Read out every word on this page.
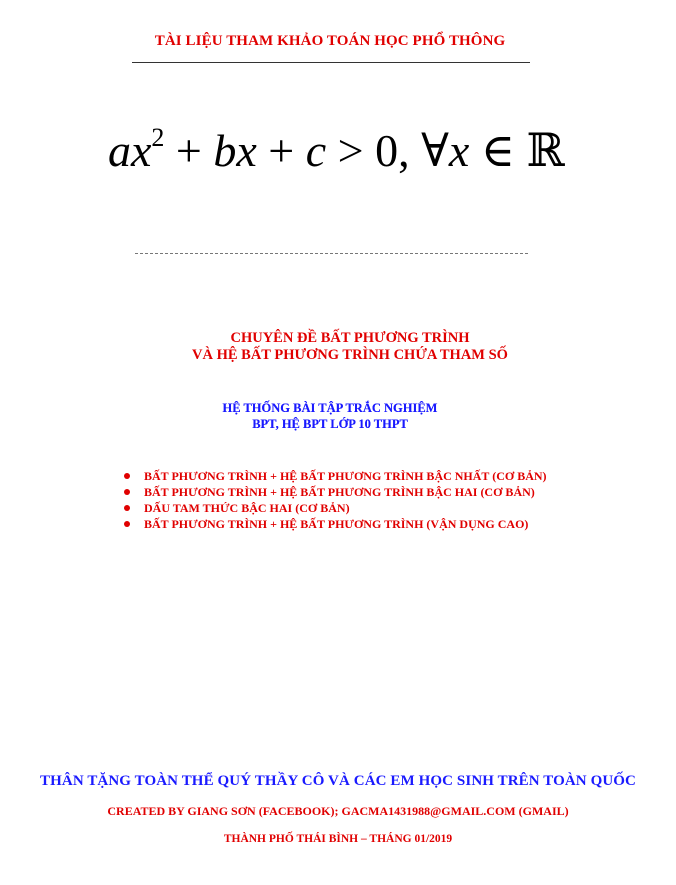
TÀI LIỆU THAM KHẢO TOÁN HỌC PHỔ THÔNG
$ax^2$ + bx + c > 0, ∀x ∈ ℝ
CHUYÊN ĐỀ BẤT PHƯƠNG TRÌNH
VÀ HỆ BẤT PHƯƠNG TRÌNH CHỨA THAM SỐ
HỆ THỐNG BÀI TẬP TRẮC NGHIỆM
BPT, HỆ BPT LỚP 10 THPT
BẤT PHƯƠNG TRÌNH + HỆ BẤT PHƯƠNG TRÌNH BẬC NHẤT (CƠ BẢN)
BẤT PHƯƠNG TRÌNH + HỆ BẤT PHƯƠNG TRÌNH BẬC HAI (CƠ BẢN)
DẤU TAM THỨC BẬC HAI (CƠ BẢN)
BẤT PHƯƠNG TRÌNH + HỆ BẤT PHƯƠNG TRÌNH (VẬN DỤNG CAO)
THÂN TẶNG TOÀN THỂ QUÝ THẦY CÔ VÀ CÁC EM HỌC SINH TRÊN TOÀN QUỐC
CREATED BY GIANG SƠN (FACEBOOK); GACMA1431988@GMAIL.COM (GMAIL)
THÀNH PHỐ THÁI BÌNH – THÁNG 01/2019
